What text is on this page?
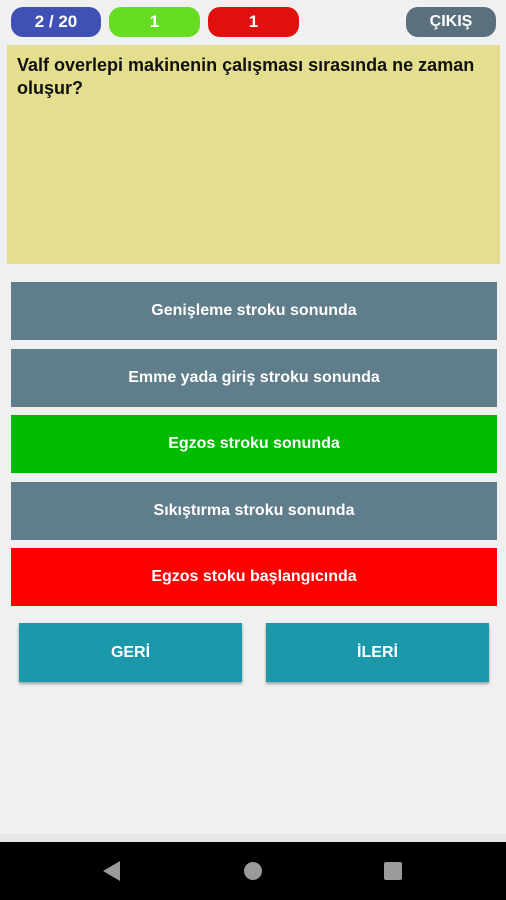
2 / 20	1	1	ÇIKIŞ
Valf overlepi makinenin çalışması sırasında ne zaman oluşur?
Genişleme stroku sonunda
Emme yada giriş stroku sonunda
Egzos stroku sonunda
Sıkıştırma stroku sonunda
Egzos stoku başlangıcında
GERİ	İLERİ
